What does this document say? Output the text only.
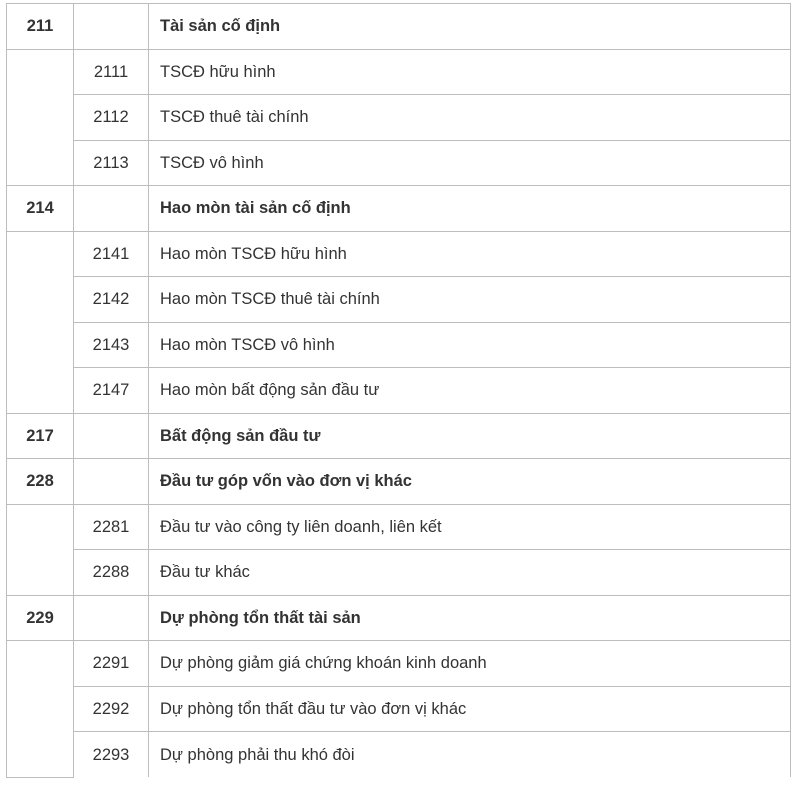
211		Tài sản cố định
	2111	TSCĐ hữu hình
	2112	TSCĐ thuê tài chính
	2113	TSCĐ vô hình
214		Hao mòn tài sản cố định
	2141	Hao mòn TSCĐ hữu hình
	2142	Hao mòn TSCĐ thuê tài chính
	2143	Hao mòn TSCĐ vô hình
	2147	Hao mòn bất động sản đầu tư
217		Bất động sản đầu tư
228		Đầu tư góp vốn vào đơn vị khác
	2281	Đầu tư vào công ty liên doanh, liên kết
	2288	Đầu tư khác
229		Dự phòng tổn thất tài sản
	2291	Dự phòng giảm giá chứng khoán kinh doanh
	2292	Dự phòng tổn thất đầu tư vào đơn vị khác
	2293	Dự phòng phải thu khó đòi
